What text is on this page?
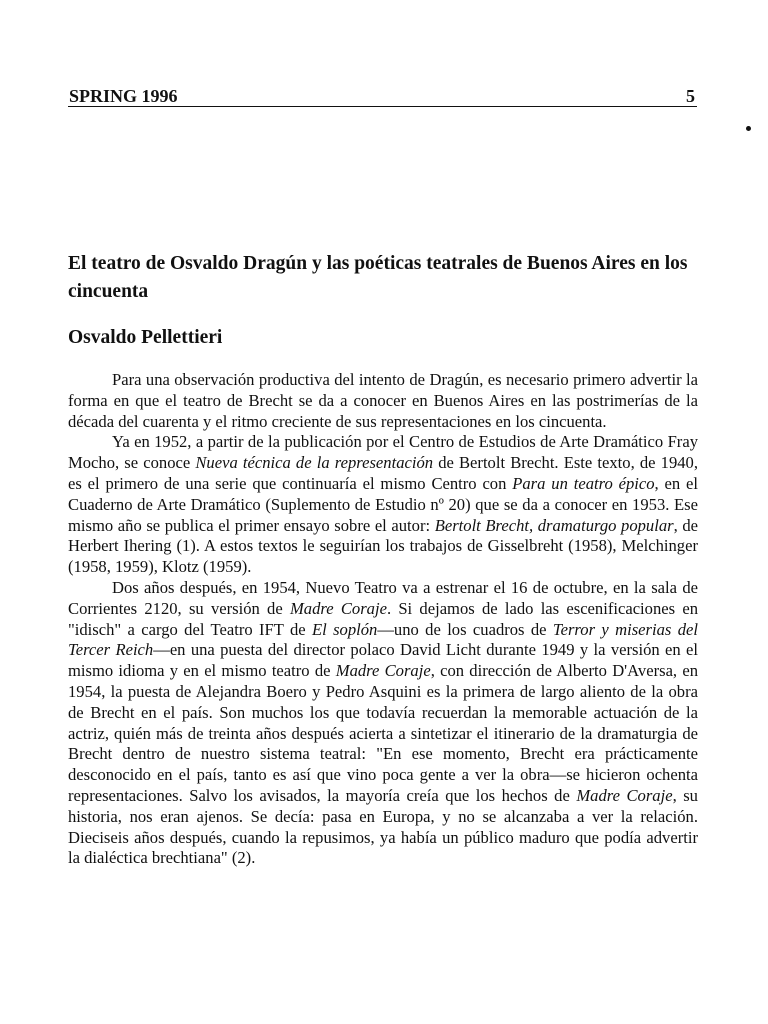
SPRING 1996	5
El teatro de Osvaldo Dragún y las poéticas teatrales de Buenos Aires en los cincuenta
Osvaldo Pellettieri

Para una observación productiva del intento de Dragún, es necesario primero advertir la forma en que el teatro de Brecht se da a conocer en Buenos Aires en las postrimerías de la década del cuarenta y el ritmo creciente de sus representaciones en los cincuenta.

Ya en 1952, a partir de la publicación por el Centro de Estudios de Arte Dramático Fray Mocho, se conoce Nueva técnica de la representación de Bertolt Brecht. Este texto, de 1940, es el primero de una serie que continuaría el mismo Centro con Para un teatro épico, en el Cuaderno de Arte Dramático (Suplemento de Estudio nº 20) que se da a conocer en 1953. Ese mismo año se publica el primer ensayo sobre el autor: Bertolt Brecht, dramaturgo popular, de Herbert Ihering (1). A estos textos le seguirían los trabajos de Gisselbreht (1958), Melchinger (1958, 1959), Klotz (1959).

Dos años después, en 1954, Nuevo Teatro va a estrenar el 16 de octubre, en la sala de Corrientes 2120, su versión de Madre Coraje. Si dejamos de lado las escenificaciones en "idisch" a cargo del Teatro IFT de El soplón—uno de los cuadros de Terror y miserias del Tercer Reich—en una puesta del director polaco David Licht durante 1949 y la versión en el mismo idioma y en el mismo teatro de Madre Coraje, con dirección de Alberto D'Aversa, en 1954, la puesta de Alejandra Boero y Pedro Asquini es la primera de largo aliento de la obra de Brecht en el país. Son muchos los que todavía recuerdan la memorable actuación de la actriz, quién más de treinta años después acierta a sintetizar el itinerario de la dramaturgia de Brecht dentro de nuestro sistema teatral: "En ese momento, Brecht era prácticamente desconocido en el país, tanto es así que vino poca gente a ver la obra—se hicieron ochenta representaciones. Salvo los avisados, la mayoría creía que los hechos de Madre Coraje, su historia, nos eran ajenos. Se decía: pasa en Europa, y no se alcanzaba a ver la relación. Dieciseis años después, cuando la repusimos, ya había un público maduro que podía advertir la dialéctica brechtiana" (2).
